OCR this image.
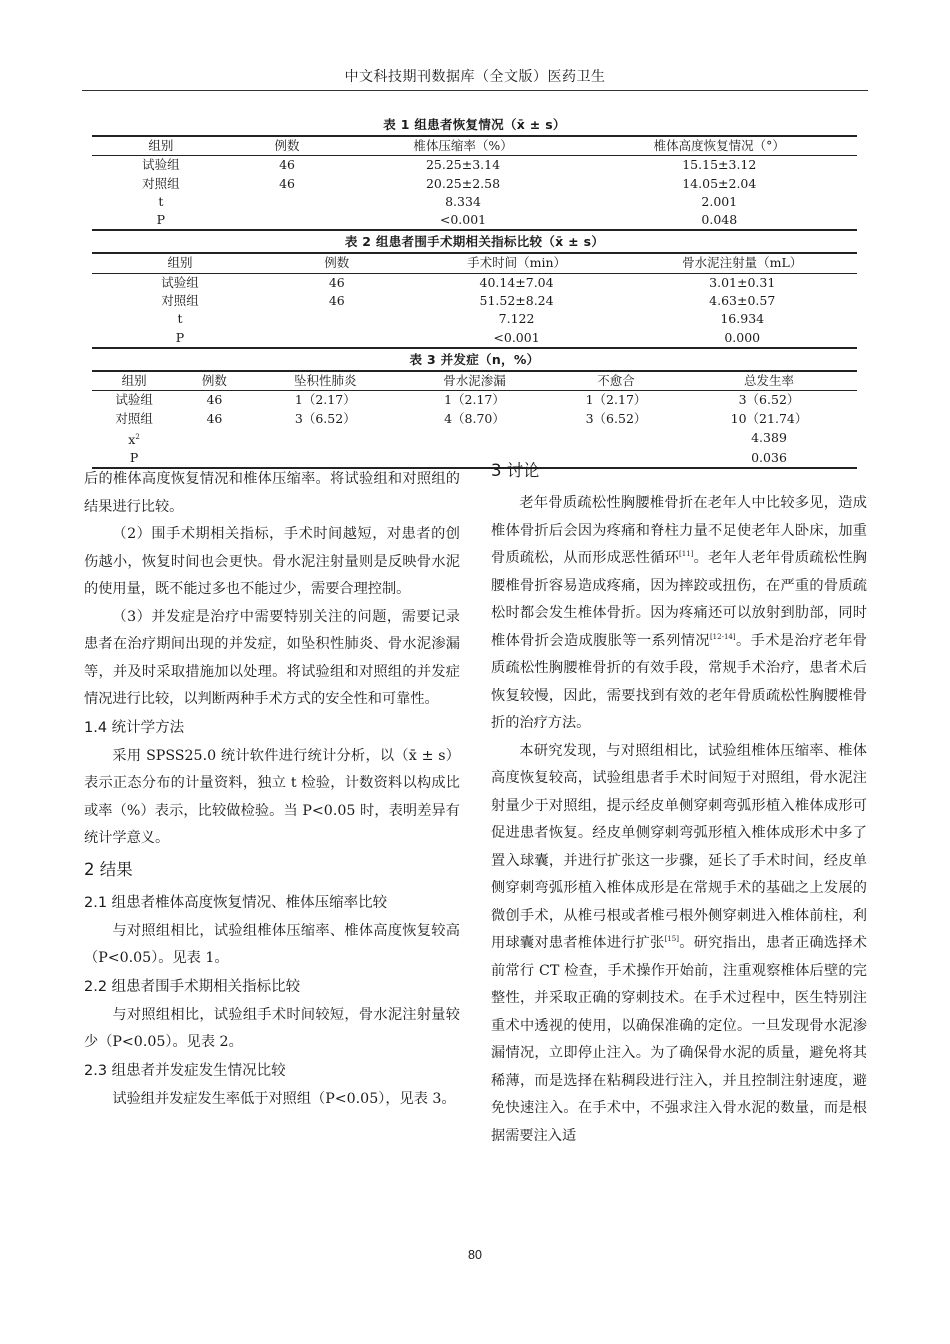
中文科技期刊数据库（全文版）医药卫生
表 1 组患者恢复情况（x̄ ± s）
组别	例数	椎体压缩率（%）	椎体高度恢复情况（°）
试验组	46	25.25±3.14	15.15±3.12
对照组	46	20.25±2.58	14.05±2.04
t		8.334	2.001
P		<0.001	0.048
表 2 组患者围手术期相关指标比较（x̄ ± s）
组别	例数	手术时间（min）	骨水泥注射量（mL）
试验组	46	40.14±7.04	3.01±0.31
对照组	46	51.52±8.24	4.63±0.57
t		7.122	16.934
P		<0.001	0.000
表 3 并发症（n，%）
组别	例数	坠积性肺炎	骨水泥渗漏	不愈合	总发生率
试验组	46	1（2.17）	1（2.17）	1（2.17）	3（6.52）
对照组	46	3（6.52）	4（8.70）	3（6.52）	10（21.74）
$x^2$					4.389
P					0.036

后的椎体高度恢复情况和椎体压缩率。将试验组和对照组的结果进行比较。

（2）围手术期相关指标，手术时间越短，对患者的创伤越小，恢复时间也会更快。骨水泥注射量则是反映骨水泥的使用量，既不能过多也不能过少，需要合理控制。

（3）并发症是治疗中需要特别关注的问题，需要记录患者在治疗期间出现的并发症，如坠积性肺炎、骨水泥渗漏等，并及时采取措施加以处理。将试验组和对照组的并发症情况进行比较，以判断两种手术方式的安全性和可靠性。

1.4 统计学方法

采用 SPSS25.0 统计软件进行统计分析，以（x̄ ± s）表示正态分布的计量资料，独立 t 检验，计数资料以构成比或率（%）表示，比较做检验。当 P<0.05 时，表明差异有统计学意义。

2 结果
2.1 组患者椎体高度恢复情况、椎体压缩率比较

与对照组相比，试验组椎体压缩率、椎体高度恢复较高（P<0.05）。见表 1。

2.2 组患者围手术期相关指标比较

与对照组相比，试验组手术时间较短，骨水泥注射量较少（P<0.05）。见表 2。

2.3 组患者并发症发生情况比较

试验组并发症发生率低于对照组（P<0.05），见表 3。

3 讨论

老年骨质疏松性胸腰椎骨折在老年人中比较多见，造成椎体骨折后会因为疼痛和脊柱力量不足使老年人卧床，加重骨质疏松，从而形成恶性循环[11]。老年人老年骨质疏松性胸腰椎骨折容易造成疼痛，因为摔跤或扭伤，在严重的骨质疏松时都会发生椎体骨折。因为疼痛还可以放射到肋部，同时椎体骨折会造成腹胀等一系列情况[12-14]。手术是治疗老年骨质疏松性胸腰椎骨折的有效手段，常规手术治疗，患者术后恢复较慢，因此，需要找到有效的老年骨质疏松性胸腰椎骨折的治疗方法。

本研究发现，与对照组相比，试验组椎体压缩率、椎体高度恢复较高，试验组患者手术时间短于对照组，骨水泥注射量少于对照组，提示经皮单侧穿刺弯弧形植入椎体成形可促进患者恢复。经皮单侧穿刺弯弧形植入椎体成形术中多了置入球囊，并进行扩张这一步骤，延长了手术时间，经皮单侧穿刺弯弧形植入椎体成形是在常规手术的基础之上发展的微创手术，从椎弓根或者椎弓根外侧穿刺进入椎体前柱，利用球囊对患者椎体进行扩张[15]。研究指出，患者正确选择术前常行 CT 检查，手术操作开始前，注重观察椎体后壁的完整性，并采取正确的穿刺技术。在手术过程中，医生特别注重术中透视的使用，以确保准确的定位。一旦发现骨水泥渗漏情况，立即停止注入。为了确保骨水泥的质量，避免将其稀薄，而是选择在粘稠段进行注入，并且控制注射速度，避免快速注入。在手术中，不强求注入骨水泥的数量，而是根据需要注入适

80
